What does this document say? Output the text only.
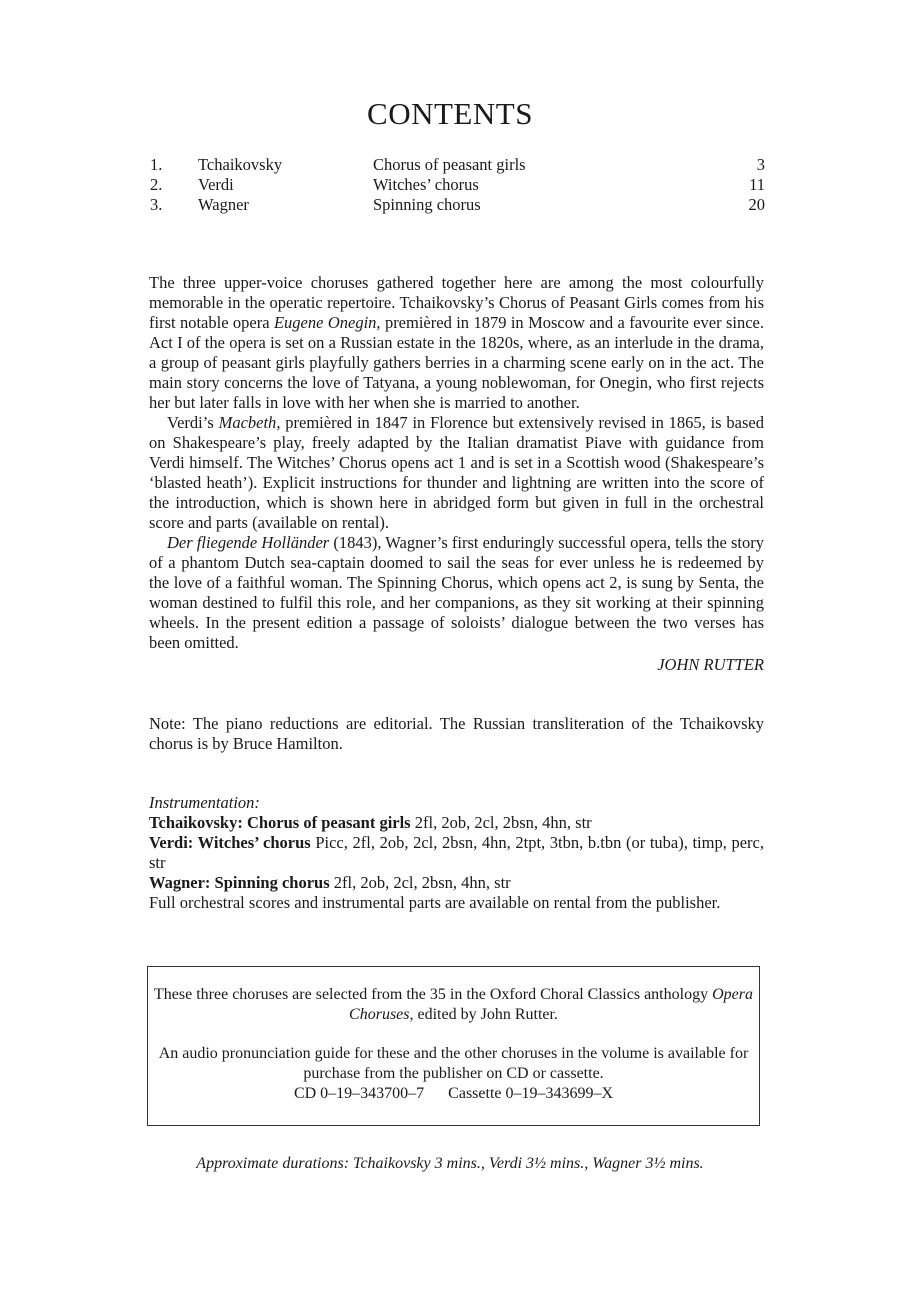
CONTENTS
1. Tchaikovsky	Chorus of peasant girls	3
2. Verdi	Witches’ chorus	11
3. Wagner	Spinning chorus	20

The three upper-voice choruses gathered together here are among the most colourfully memorable in the operatic repertoire. Tchaikovsky’s Chorus of Peasant Girls comes from his first notable opera Eugene Onegin, premièred in 1879 in Moscow and a favourite ever since. Act I of the opera is set on a Russian estate in the 1820s, where, as an interlude in the drama, a group of peasant girls playfully gathers berries in a charming scene early on in the act. The main story concerns the love of Tatyana, a young noblewoman, for Onegin, who first rejects her but later falls in love with her when she is married to another.

Verdi’s Macbeth, premièred in 1847 in Florence but extensively revised in 1865, is based on Shakespeare’s play, freely adapted by the Italian dramatist Piave with guidance from Verdi himself. The Witches’ Chorus opens act 1 and is set in a Scottish wood (Shakespeare’s ‘blasted heath’). Explicit instructions for thunder and lightning are written into the score of the introduction, which is shown here in abridged form but given in full in the orchestral score and parts (available on rental).

Der fliegende Holländer (1843), Wagner’s first enduringly successful opera, tells the story of a phantom Dutch sea-captain doomed to sail the seas for ever unless he is redeemed by the love of a faithful woman. The Spinning Chorus, which opens act 2, is sung by Senta, the woman destined to fulfil this role, and her companions, as they sit working at their spinning wheels. In the present edition a passage of soloists’ dialogue between the two verses has been omitted.

JOHN RUTTER
Note: The piano reductions are editorial. The Russian transliteration of the Tchaikovsky chorus is by Bruce Hamilton.

Instrumentation:

Tchaikovsky: Chorus of peasant girls 2fl, 2ob, 2cl, 2bsn, 4hn, str

Verdi: Witches’ chorus Picc, 2fl, 2ob, 2cl, 2bsn, 4hn, 2tpt, 3tbn, b.tbn (or tuba), timp, perc, str

Wagner: Spinning chorus 2fl, 2ob, 2cl, 2bsn, 4hn, str

Full orchestral scores and instrumental parts are available on rental from the publisher.

These three choruses are selected from the 35 in the Oxford Choral Classics anthology Opera Choruses, edited by John Rutter.

An audio pronunciation guide for these and the other choruses in the volume is available for purchase from the publisher on CD or cassette.

CD 0–19–343700–7 Cassette 0–19–343699–X

Approximate durations: Tchaikovsky 3 mins., Verdi 3½ mins., Wagner 3½ mins.
